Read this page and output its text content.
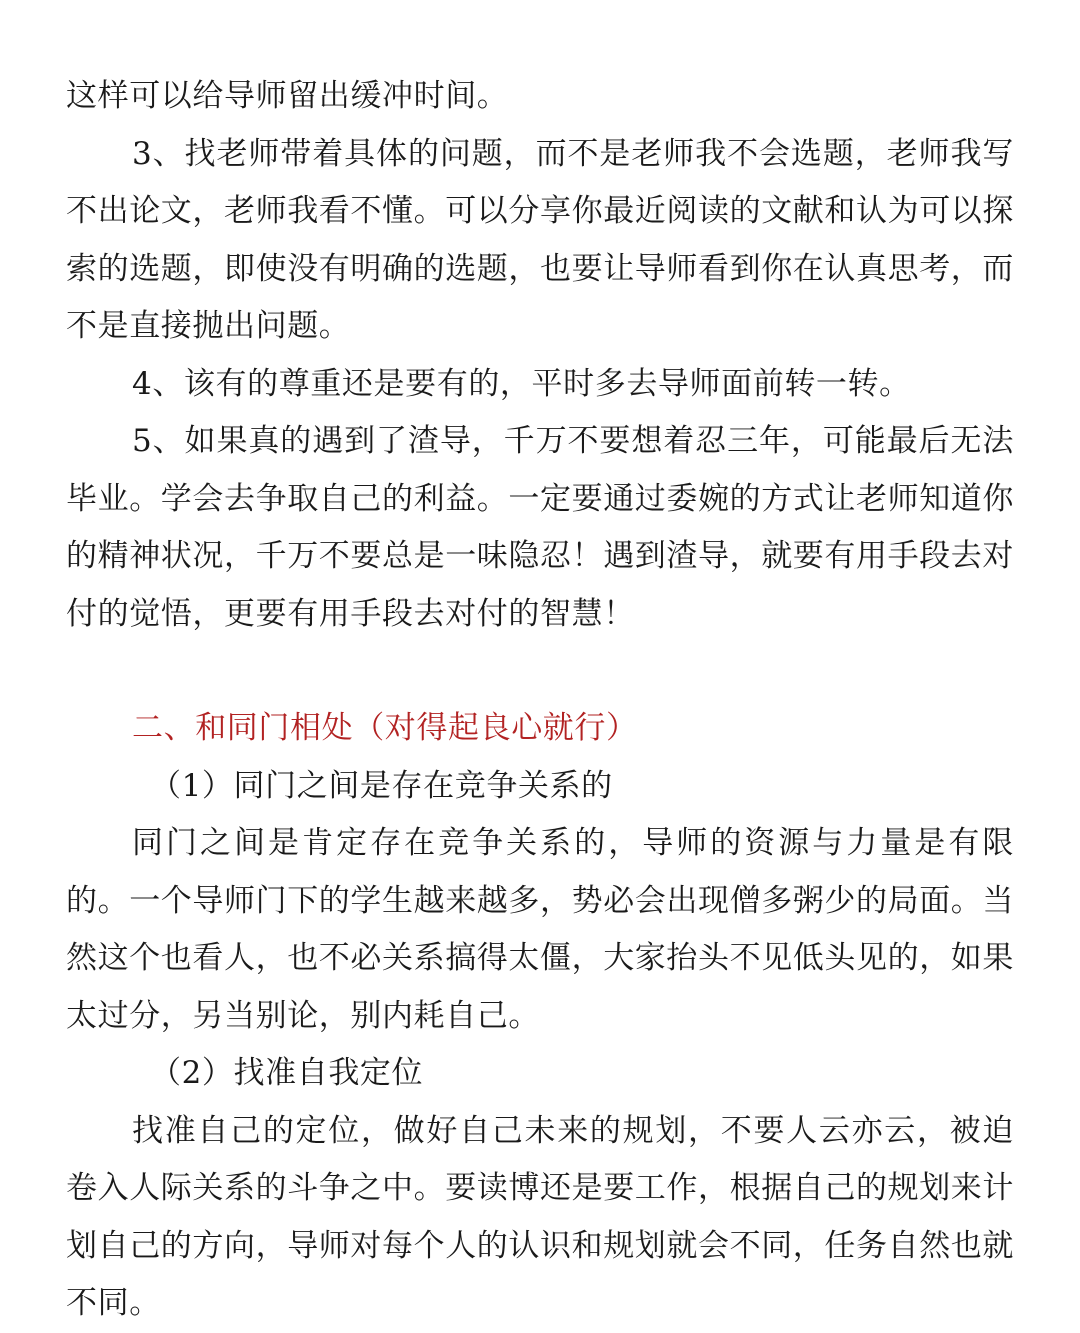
这样可以给导师留出缓冲时间。

3、找老师带着具体的问题，而不是老师我不会选题，老师我写不出论文，老师我看不懂。可以分享你最近阅读的文献和认为可以探索的选题，即使没有明确的选题，也要让导师看到你在认真思考，而不是直接抛出问题。

4、该有的尊重还是要有的，平时多去导师面前转一转。

5、如果真的遇到了渣导，千万不要想着忍三年，可能最后无法毕业。学会去争取自己的利益。一定要通过委婉的方式让老师知道你的精神状况，千万不要总是一味隐忍！遇到渣导，就要有用手段去对付的觉悟，更要有用手段去对付的智慧！

二、和同门相处（对得起良心就行）

（1）同门之间是存在竞争关系的

同门之间是肯定存在竞争关系的，导师的资源与力量是有限的。一个导师门下的学生越来越多，势必会出现僧多粥少的局面。当然这个也看人，也不必关系搞得太僵，大家抬头不见低头见的，如果太过分，另当别论，别内耗自己。

（2）找准自我定位

找准自己的定位，做好自己未来的规划，不要人云亦云，被迫卷入人际关系的斗争之中。要读博还是要工作，根据自己的规划来计划自己的方向，导师对每个人的认识和规划就会不同，任务自然也就不同。
